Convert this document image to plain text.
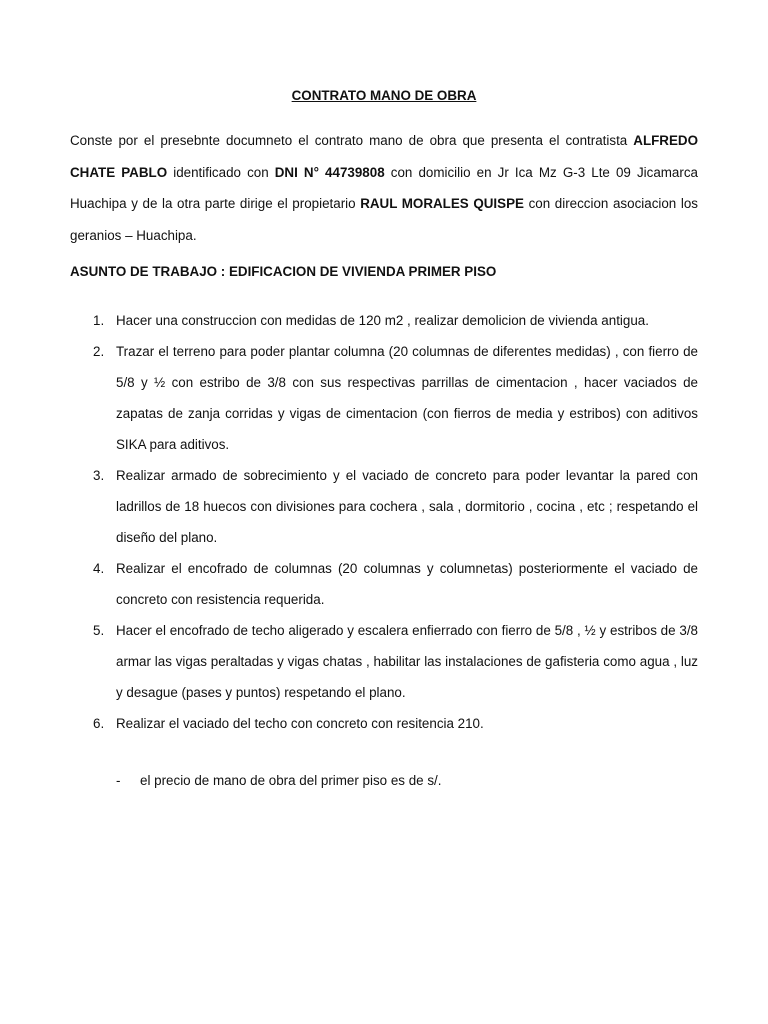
CONTRATO MANO DE OBRA

Conste por el presebnte documneto el contrato mano de obra que presenta el contratista ALFREDO CHATE PABLO identificado con DNI N° 44739808 con domicilio en Jr Ica Mz G-3 Lte 09 Jicamarca Huachipa y de la otra parte dirige el propietario RAUL MORALES QUISPE con direccion asociacion los geranios – Huachipa.

ASUNTO DE TRABAJO : EDIFICACION DE VIVIENDA PRIMER PISO
1. Hacer una construccion con medidas de 120 m2 , realizar demolicion de vivienda antigua.
2. Trazar el terreno para poder plantar columna (20 columnas de diferentes medidas) , con fierro de 5/8 y ½ con estribo de 3/8 con sus respectivas parrillas de cimentacion , hacer vaciados de zapatas de zanja corridas y vigas de cimentacion (con fierros de media y estribos) con aditivos SIKA para aditivos.
3. Realizar armado de sobrecimiento y el vaciado de concreto para poder levantar la pared con ladrillos de 18 huecos con divisiones para cochera , sala , dormitorio , cocina , etc ; respetando el diseño del plano.
4. Realizar el encofrado de columnas (20 columnas y columnetas) posteriormente el vaciado de concreto con resistencia requerida.
5. Hacer el encofrado de techo aligerado y escalera enfierrado con fierro de 5/8 , ½ y estribos de 3/8 armar las vigas peraltadas y vigas chatas , habilitar las instalaciones de gafisteria como agua , luz y desague (pases y puntos) respetando el plano.
6. Realizar el vaciado del techo con concreto con resitencia 210.
- el precio de mano de obra del primer piso es de s/.
